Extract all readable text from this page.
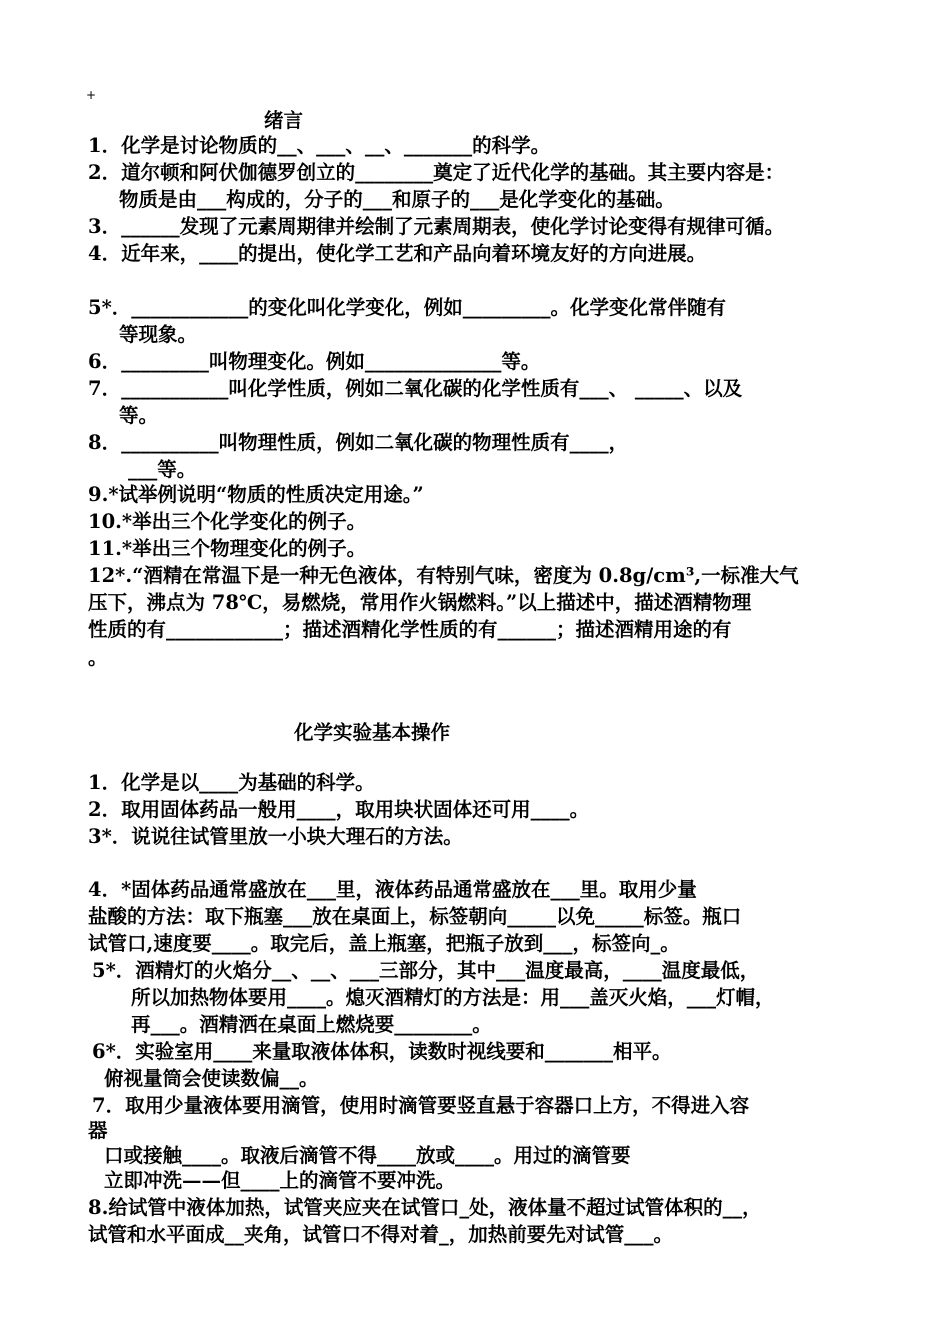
+
绪言
1．化学是讨论物质的__、___、__、_______的科学。
2．道尔顿和阿伏伽德罗创立的________奠定了近代化学的基础。其主要内容是：
物质是由___构成的，分子的___和原子的___是化学变化的基础。
3．______发现了元素周期律并绘制了元素周期表，使化学讨论变得有规律可循。
4．近年来，____的提出，使化学工艺和产品向着环境友好的方向进展。
5*．____________的变化叫化学变化，例如_________。化学变化常伴随有
等现象。
6．_________叫物理变化。例如______________等。
7．___________叫化学性质，例如二氧化碳的化学性质有___、 _____、以及
等。
8．__________叫物理性质，例如二氧化碳的物理性质有____，
___等。
9.*试举例说明“物质的性质决定用途。”
10.*举出三个化学变化的例子。
11.*举出三个物理变化的例子。
12*.“酒精在常温下是一种无色液体，有特别气味，密度为 0.8g/cm³,一标准大气
压下，沸点为 78℃，易燃烧，常用作火锅燃料。”以上描述中，描述酒精物理
性质的有____________；描述酒精化学性质的有______；描述酒精用途的有
。
化学实验基本操作
1．化学是以____为基础的科学。
2．取用固体药品一般用____，取用块状固体还可用____。
3*．说说往试管里放一小块大理石的方法。
4．*固体药品通常盛放在___里，液体药品通常盛放在___里。取用少量
盐酸的方法：取下瓶塞___放在桌面上，标签朝向_____以免_____标签。瓶口
试管口,速度要____。取完后，盖上瓶塞，把瓶子放到___，标签向_。
5*．酒精灯的火焰分__、__、___三部分，其中___温度最高，____温度最低，
所以加热物体要用____。熄灭酒精灯的方法是：用___盖灭火焰，___灯帽，
再___。酒精洒在桌面上燃烧要________。
6*．实验室用____来量取液体体积，读数时视线要和_______相平。
俯视量筒会使读数偏__。
7．取用少量液体要用滴管，使用时滴管要竖直悬于容器口上方，不得进入容
器
口或接触____。取液后滴管不得____放或____。用过的滴管要
立即冲洗——但____上的滴管不要冲洗。
8.给试管中液体加热，试管夹应夹在试管口_处，液体量不超过试管体积的__，
试管和水平面成__夹角，试管口不得对着_，加热前要先对试管___。
